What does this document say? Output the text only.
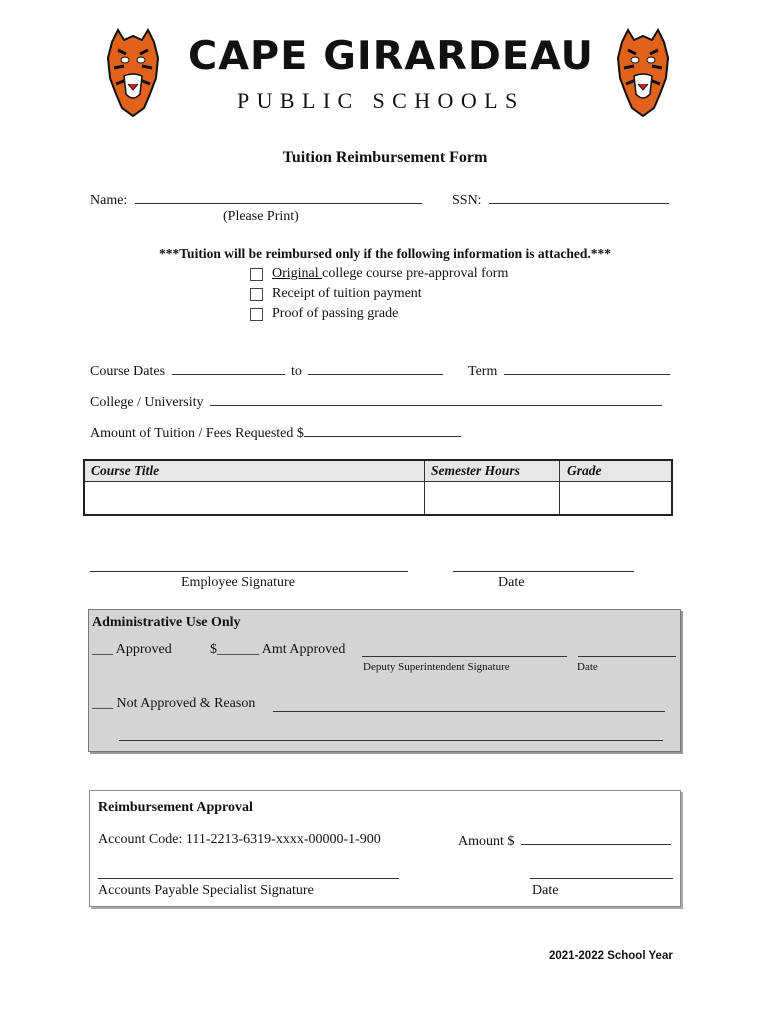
CAPE GIRARDEAU
PUBLIC SCHOOLS
Tuition Reimbursement Form
Name:	SSN:
(Please Print)
***Tuition will be reimbursed only if the following information is attached.***
Original college course pre-approval form
Receipt of tuition payment
Proof of passing grade
Course Dates	to	Term
College / University
Amount of Tuition / Fees Requested $
Course Title	Semester Hours	Grade
Employee Signature	Date
Administrative Use Only
___ Approved	$______ Amt Approved
Deputy Superintendent Signature	Date
___ Not Approved & Reason
Reimbursement Approval
Account Code: 111-2213-6319-xxxx-00000-1-900	Amount $
Accounts Payable Specialist Signature	Date
2021-2022 School Year
